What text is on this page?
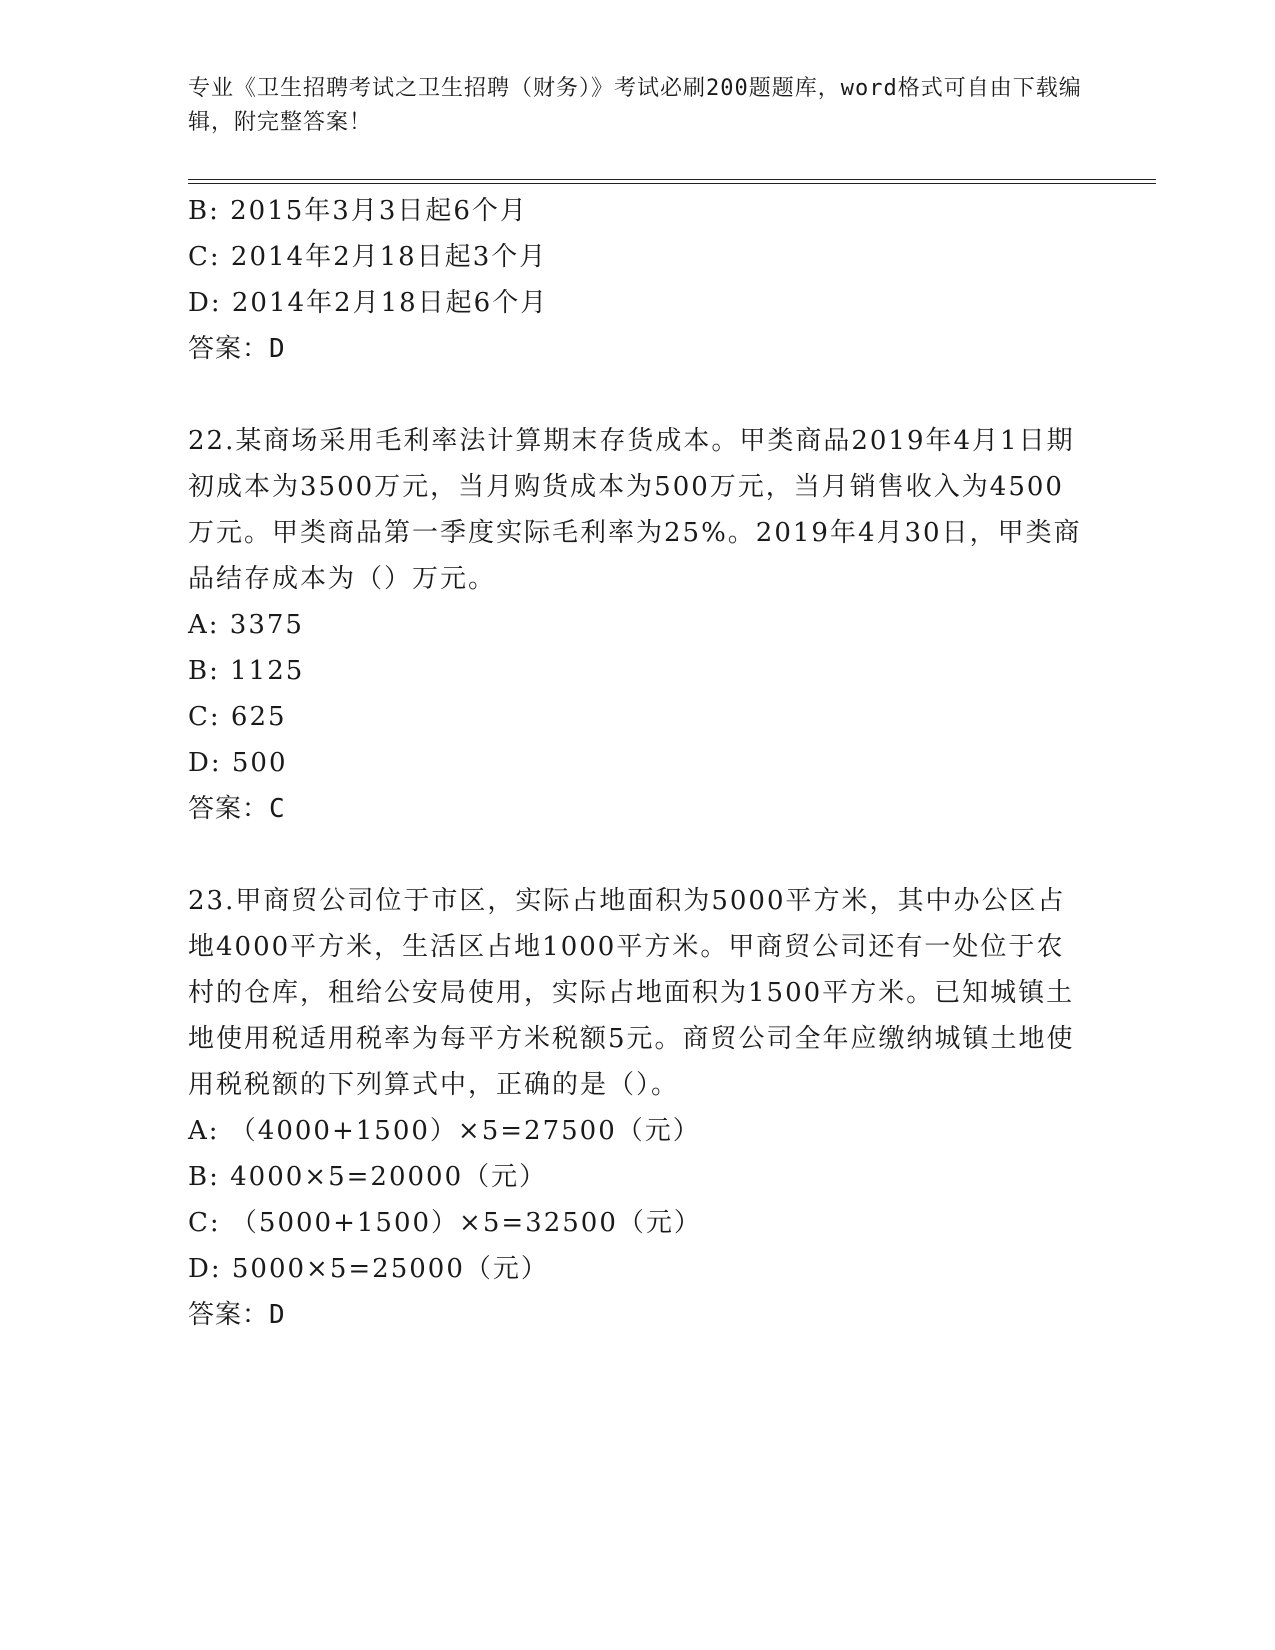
专业《卫生招聘考试之卫生招聘（财务）》考试必刷200题题库，word格式可自由下载编辑，附完整答案！
B: 2015年3月3日起6个月
C: 2014年2月18日起3个月
D: 2014年2月18日起6个月
答案：D
22.某商场采用毛利率法计算期末存货成本。甲类商品2019年4月1日期初成本为3500万元，当月购货成本为500万元，当月销售收入为4500万元。甲类商品第一季度实际毛利率为25%。2019年4月30日，甲类商品结存成本为（）万元。
A: 3375
B: 1125
C: 625
D: 500
答案：C
23.甲商贸公司位于市区，实际占地面积为5000平方米，其中办公区占地4000平方米，生活区占地1000平方米。甲商贸公司还有一处位于农村的仓库，租给公安局使用，实际占地面积为1500平方米。已知城镇土地使用税适用税率为每平方米税额5元。商贸公司全年应缴纳城镇土地使用税税额的下列算式中，正确的是（）。
A: （4000+1500）×5=27500（元）
B: 4000×5=20000（元）
C: （5000+1500）×5=32500（元）
D: 5000×5=25000（元）
答案：D
